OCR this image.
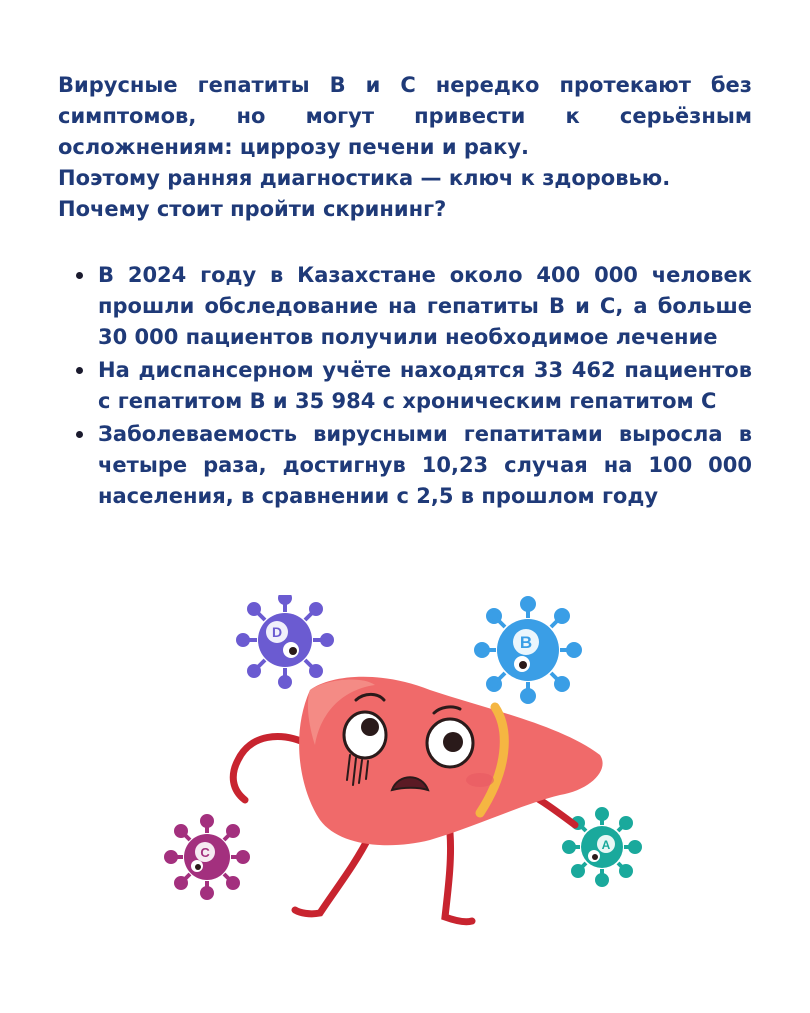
Вирусные гепатиты B и C нередко протекают без симптомов, но могут привести к серьёзным осложнениям: циррозу печени и раку.

Поэтому ранняя диагностика — ключ к здоровью.

Почему стоит пройти скрининг?

В 2024 году в Казахстане около 400 000 человек прошли обследование на гепатиты B и C, а больше 30 000 пациентов получили необходимое лечение
На диспансерном учёте находятся 33 462 пациентов с гепатитом B и 35 984 с хроническим гепатитом C
Заболеваемость вирусными гепатитами выросла в четыре раза, достигнув 10,23 случая на 100 000 населения, в сравнении с 2,5 в прошлом году
D
B
C	A
